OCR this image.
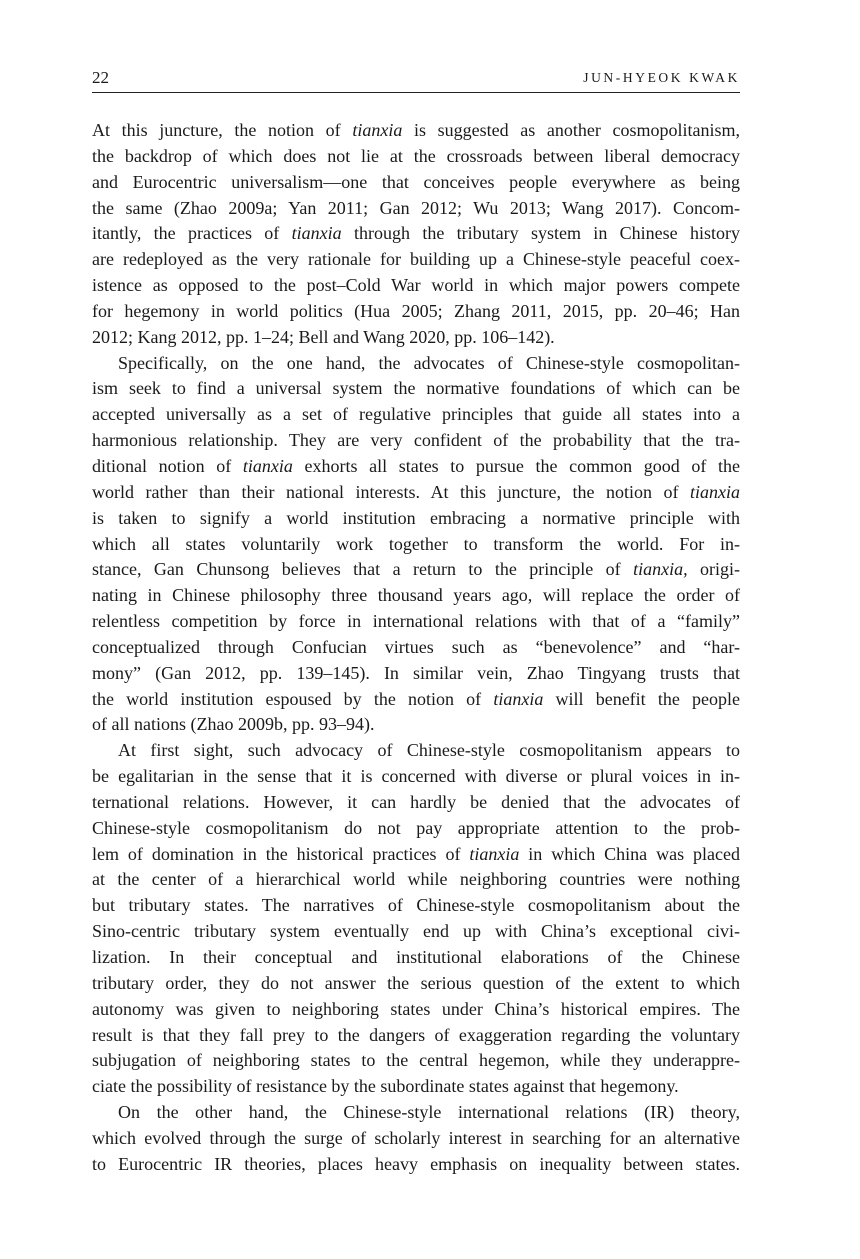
22	JUN-HYEOK KWAK
At this juncture, the notion of tianxia is suggested as another cosmopolitanism,
the backdrop of which does not lie at the crossroads between liberal democracy
and Eurocentric universalism—one that conceives people everywhere as being
the same (Zhao 2009a; Yan 2011; Gan 2012; Wu 2013; Wang 2017). Concom-
itantly, the practices of tianxia through the tributary system in Chinese history
are redeployed as the very rationale for building up a Chinese-style peaceful coex-
istence as opposed to the post–Cold War world in which major powers compete
for hegemony in world politics (Hua 2005; Zhang 2011, 2015, pp. 20–46; Han
2012; Kang 2012, pp. 1–24; Bell and Wang 2020, pp. 106–142).
Specifically, on the one hand, the advocates of Chinese-style cosmopolitan-
ism seek to find a universal system the normative foundations of which can be
accepted universally as a set of regulative principles that guide all states into a
harmonious relationship. They are very confident of the probability that the tra-
ditional notion of tianxia exhorts all states to pursue the common good of the
world rather than their national interests. At this juncture, the notion of tianxia
is taken to signify a world institution embracing a normative principle with
which all states voluntarily work together to transform the world. For in-
stance, Gan Chunsong believes that a return to the principle of tianxia, origi-
nating in Chinese philosophy three thousand years ago, will replace the order of
relentless competition by force in international relations with that of a “family”
conceptualized through Confucian virtues such as “benevolence” and “har-
mony” (Gan 2012, pp. 139–145). In similar vein, Zhao Tingyang trusts that
the world institution espoused by the notion of tianxia will benefit the people
of all nations (Zhao 2009b, pp. 93–94).
At first sight, such advocacy of Chinese-style cosmopolitanism appears to
be egalitarian in the sense that it is concerned with diverse or plural voices in in-
ternational relations. However, it can hardly be denied that the advocates of
Chinese-style cosmopolitanism do not pay appropriate attention to the prob-
lem of domination in the historical practices of tianxia in which China was placed
at the center of a hierarchical world while neighboring countries were nothing
but tributary states. The narratives of Chinese-style cosmopolitanism about the
Sino-centric tributary system eventually end up with China’s exceptional civi-
lization. In their conceptual and institutional elaborations of the Chinese
tributary order, they do not answer the serious question of the extent to which
autonomy was given to neighboring states under China’s historical empires. The
result is that they fall prey to the dangers of exaggeration regarding the voluntary
subjugation of neighboring states to the central hegemon, while they underappre-
ciate the possibility of resistance by the subordinate states against that hegemony.
On the other hand, the Chinese-style international relations (IR) theory,
which evolved through the surge of scholarly interest in searching for an alternative
to Eurocentric IR theories, places heavy emphasis on inequality between states.
